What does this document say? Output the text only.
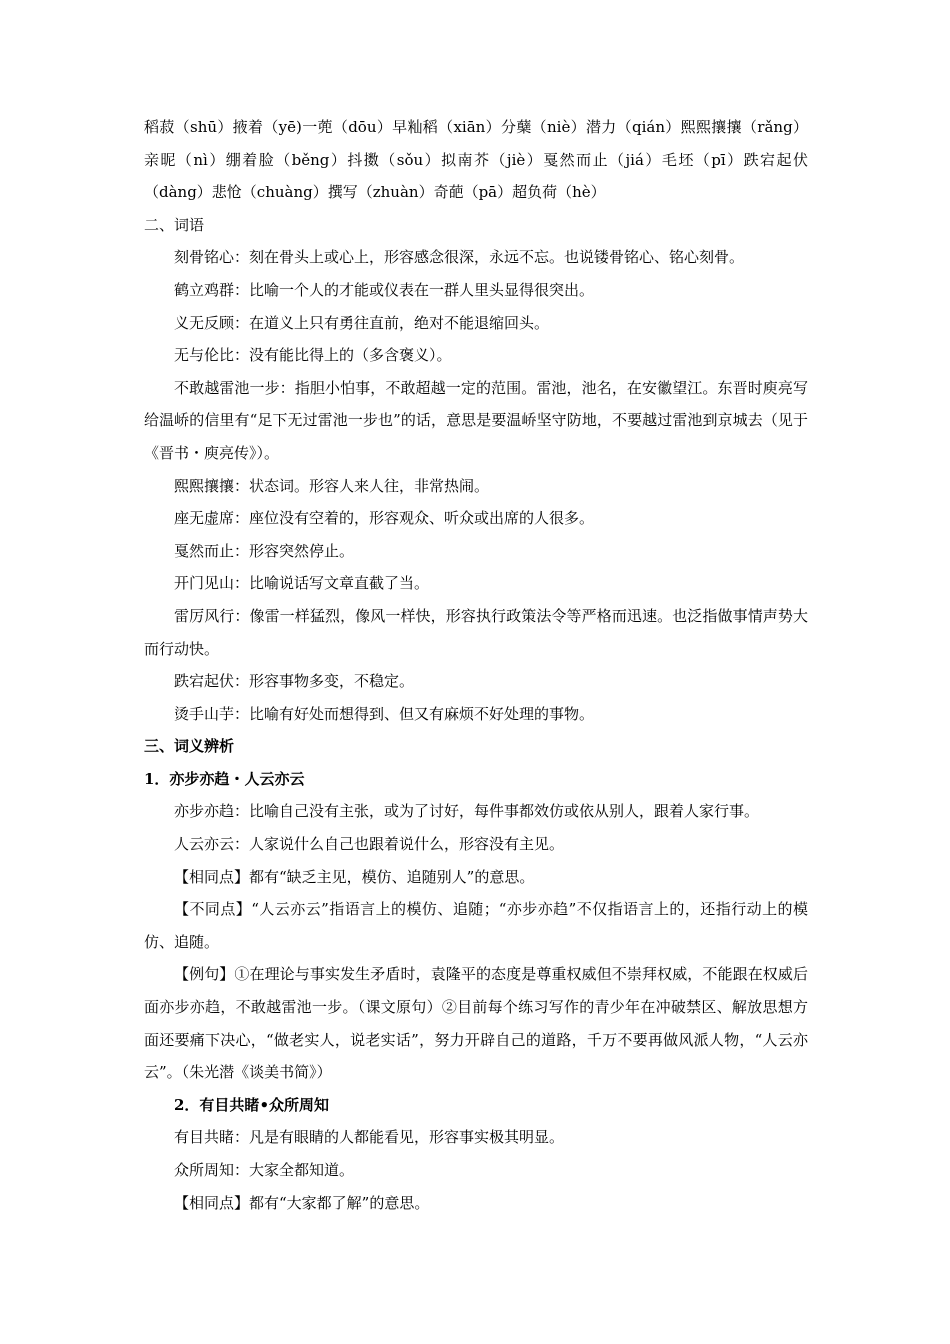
稻菽（shū）掖着（yē)一蔸（dōu）早籼稻（xiān）分蘖（niè）潜力（qián）熙熙攘攘（rǎng）亲昵（nì）绷着脸（běng）抖擞（sǒu）拟南芥（jiè）戛然而止（jiá）毛坯（pī）跌宕起伏（dàng）悲怆（chuàng）撰写（zhuàn）奇葩（pā）超负荷（hè）

二、词语

刻骨铭心：刻在骨头上或心上，形容感念很深，永远不忘。也说镂骨铭心、铭心刻骨。

鹤立鸡群：比喻一个人的才能或仪表在一群人里头显得很突出。

义无反顾：在道义上只有勇往直前，绝对不能退缩回头。

无与伦比：没有能比得上的（多含褒义）。

不敢越雷池一步：指胆小怕事，不敢超越一定的范围。雷池，池名，在安徽望江。东晋时庾亮写给温峤的信里有“足下无过雷池一步也”的话，意思是要温峤坚守防地，不要越过雷池到京城去（见于《晋书・庾亮传》）。

熙熙攘攘：状态词。形容人来人往，非常热闹。

座无虚席：座位没有空着的，形容观众、听众或出席的人很多。

戛然而止：形容突然停止。

开门见山：比喻说话写文章直截了当。

雷厉风行：像雷一样猛烈，像风一样快，形容执行政策法令等严格而迅速。也泛指做事情声势大而行动快。

跌宕起伏：形容事物多变，不稳定。

烫手山芋：比喻有好处而想得到、但又有麻烦不好处理的事物。

三、词义辨析

1．亦步亦趋・人云亦云

亦步亦趋：比喻自己没有主张，或为了讨好，每件事都效仿或依从别人，跟着人家行事。

人云亦云：人家说什么自己也跟着说什么，形容没有主见。

【相同点】都有“缺乏主见，模仿、追随别人”的意思。

【不同点】“人云亦云”指语言上的模仿、追随；“亦步亦趋”不仅指语言上的，还指行动上的模仿、追随。

【例句】①在理论与事实发生矛盾时，袁隆平的态度是尊重权威但不崇拜权威，不能跟在权威后面亦步亦趋，不敢越雷池一步。（课文原句）②目前每个练习写作的青少年在冲破禁区、解放思想方面还要痛下决心，“做老实人，说老实话”，努力开辟自己的道路，千万不要再做风派人物，“人云亦云”。（朱光潜《谈美书简》）

2．有目共睹•众所周知

有目共睹：凡是有眼睛的人都能看见，形容事实极其明显。

众所周知：大家全都知道。

【相同点】都有“大家都了解”的意思。
